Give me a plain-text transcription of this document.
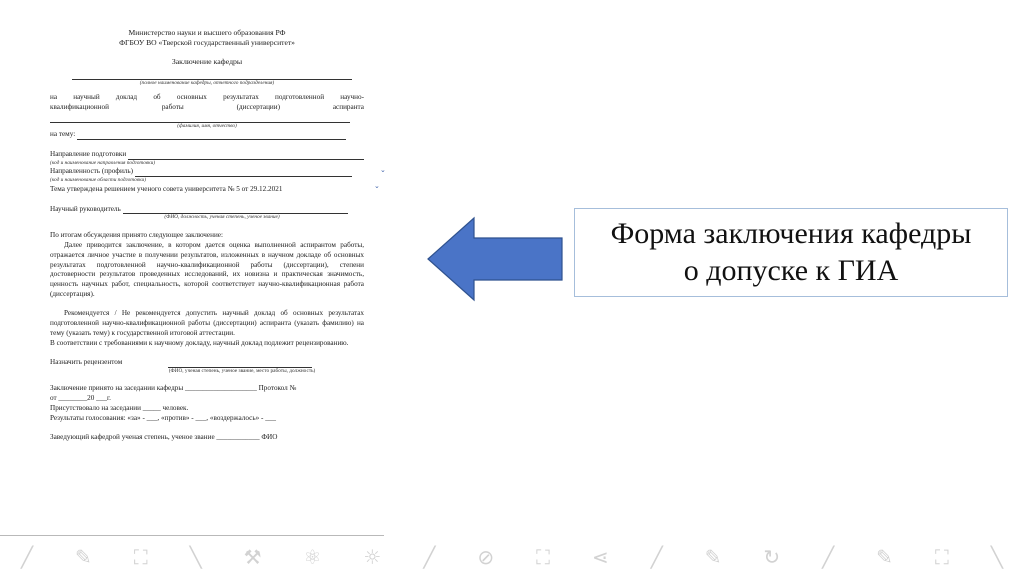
Министерство науки и высшего образования РФ

ФГБОУ ВО «Тверской государственный университет»

Заключение кафедры

(полное наименование кафедры, отчетного подразделения)

на научный доклад об основных результатах подготовленной научно-

квалификационной	работы	(диссертации)	аспиранта

(фамилия, имя, отчество)

на тему:
Направление подготовки

(код и наименование направления подготовки)

Направленность (профиль)

(код и наименование области подготовки)

Тема утверждена решением ученого совета университета № 5 от 29.12.2021

Научный руководитель

(ФИО, должность, ученая степень, ученое звание)

По итогам обсуждения принято следующее заключение:

Далее приводится заключение, в котором дается оценка выполненной аспирантом работы, отражается личное участие в получении результатов, изложенных в научном докладе об основных результатах подготовленной научно-квалификационной работы (диссертации), степени достоверности результатов проведенных исследований, их новизна и практическая значимость, ценность научных работ, специальность, которой соответствует научно-квалификационная работа (диссертация).

Рекомендуется / Не рекомендуется допустить научный доклад об основных результатах подготовленной научно-квалификационной работы (диссертации) аспиранта (указать фамилию) на тему (указать тему) к государственной итоговой аттестации.

В соответствии с требованиями к научному докладу, научный доклад подлежит рецензированию.

Назначить рецензентом

(ФИО, ученая степень, ученое звание, место работы, должность)

Заключение принято на заседании кафедры ____________________ Протокол №

от ________20 ___г.

Присутствовало на заседании _____ человек.

Результаты голосования: «за» - ___, «против» - ___, «воздержалось» - ___

Заведующий кафедрой ученая степень, ученое звание ____________ ФИО

⌄
⌄
Форма заключения кафедры
о допуске к ГИА
╱ ✎ ⛶ ╲ ⚒ ⚛ ☼ ╱ ⊘ ⛶ ⋖ ╱ ✎ ↻ ╱ ✎ ⛶ ╲
